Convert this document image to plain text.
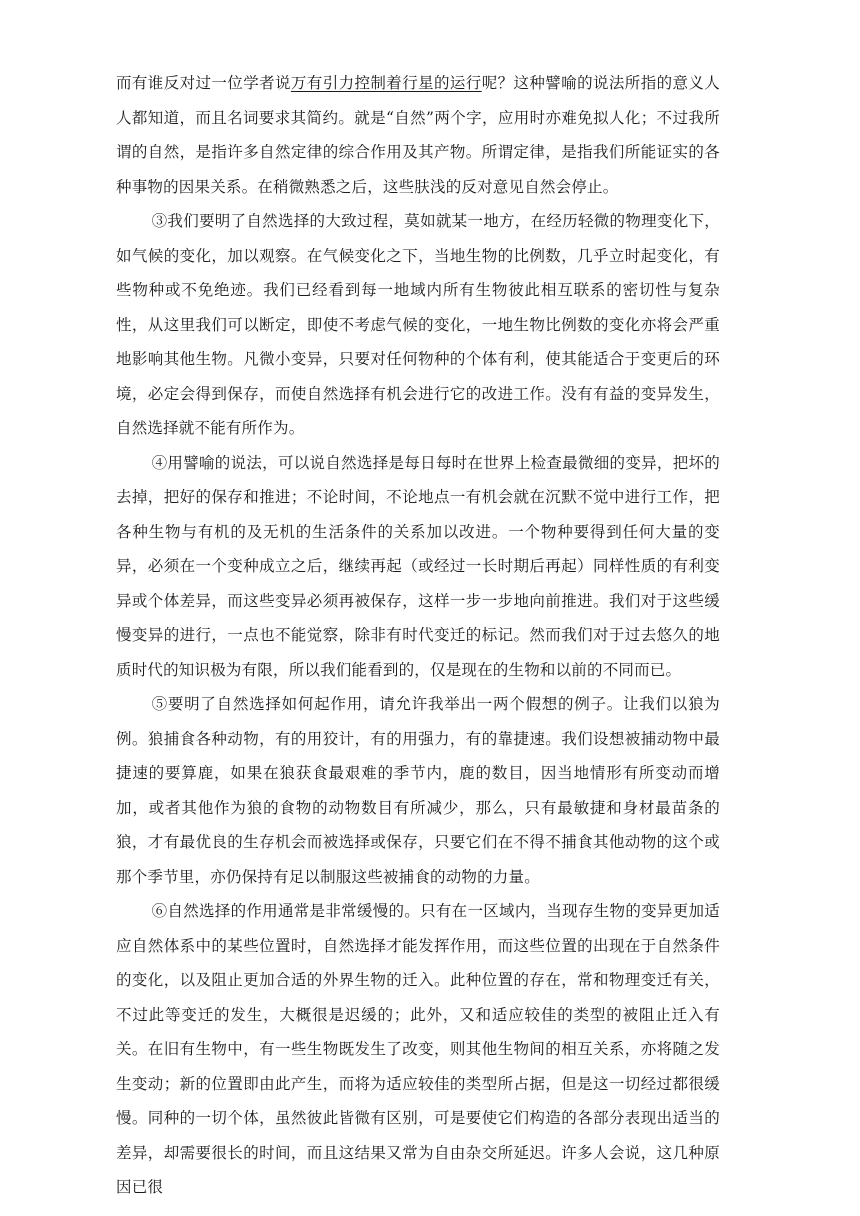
而有谁反对过一位学者说万有引力控制着行星的运行呢？这种譬喻的说法所指的意义人人都知道，而且名词要求其简约。就是“自然”两个字，应用时亦难免拟人化；不过我所谓的自然，是指许多自然定律的综合作用及其产物。所谓定律，是指我们所能证实的各种事物的因果关系。在稍微熟悉之后，这些肤浅的反对意见自然会停止。

③我们要明了自然选择的大致过程，莫如就某一地方，在经历轻微的物理变化下，如气候的变化，加以观察。在气候变化之下，当地生物的比例数，几乎立时起变化，有些物种或不免绝迹。我们已经看到每一地域内所有生物彼此相互联系的密切性与复杂性，从这里我们可以断定，即使不考虑气候的变化，一地生物比例数的变化亦将会严重地影响其他生物。凡微小变异，只要对任何物种的个体有利，使其能适合于变更后的环境，必定会得到保存，而使自然选择有机会进行它的改进工作。没有有益的变异发生，自然选择就不能有所作为。

④用譬喻的说法，可以说自然选择是每日每时在世界上检查最微细的变异，把坏的去掉，把好的保存和推进；不论时间，不论地点一有机会就在沉默不觉中进行工作，把各种生物与有机的及无机的生活条件的关系加以改进。一个物种要得到任何大量的变异，必须在一个变种成立之后，继续再起（或经过一长时期后再起）同样性质的有利变异或个体差异，而这些变异必须再被保存，这样一步一步地向前推进。我们对于这些缓慢变异的进行，一点也不能觉察，除非有时代变迁的标记。然而我们对于过去悠久的地质时代的知识极为有限，所以我们能看到的，仅是现在的生物和以前的不同而已。

⑤要明了自然选择如何起作用，请允许我举出一两个假想的例子。让我们以狼为例。狼捕食各种动物，有的用狡计，有的用强力，有的靠捷速。我们设想被捕动物中最捷速的要算鹿，如果在狼获食最艰难的季节内，鹿的数目，因当地情形有所变动而增加，或者其他作为狼的食物的动物数目有所减少，那么，只有最敏捷和身材最苗条的狼，才有最优良的生存机会而被选择或保存，只要它们在不得不捕食其他动物的这个或那个季节里，亦仍保持有足以制服这些被捕食的动物的力量。

⑥自然选择的作用通常是非常缓慢的。只有在一区域内，当现存生物的变异更加适应自然体系中的某些位置时，自然选择才能发挥作用，而这些位置的出现在于自然条件的变化，以及阻止更加合适的外界生物的迁入。此种位置的存在，常和物理变迁有关，不过此等变迁的发生，大概很是迟缓的；此外，又和适应较佳的类型的被阻止迁入有关。在旧有生物中，有一些生物既发生了改变，则其他生物间的相互关系，亦将随之发生变动；新的位置即由此产生，而将为适应较佳的类型所占据，但是这一切经过都很缓慢。同种的一切个体，虽然彼此皆微有区别，可是要使它们构造的各部分表现出适当的差异，却需要很长的时间，而且这结果又常为自由杂交所延迟。许多人会说，这几种原因已很
